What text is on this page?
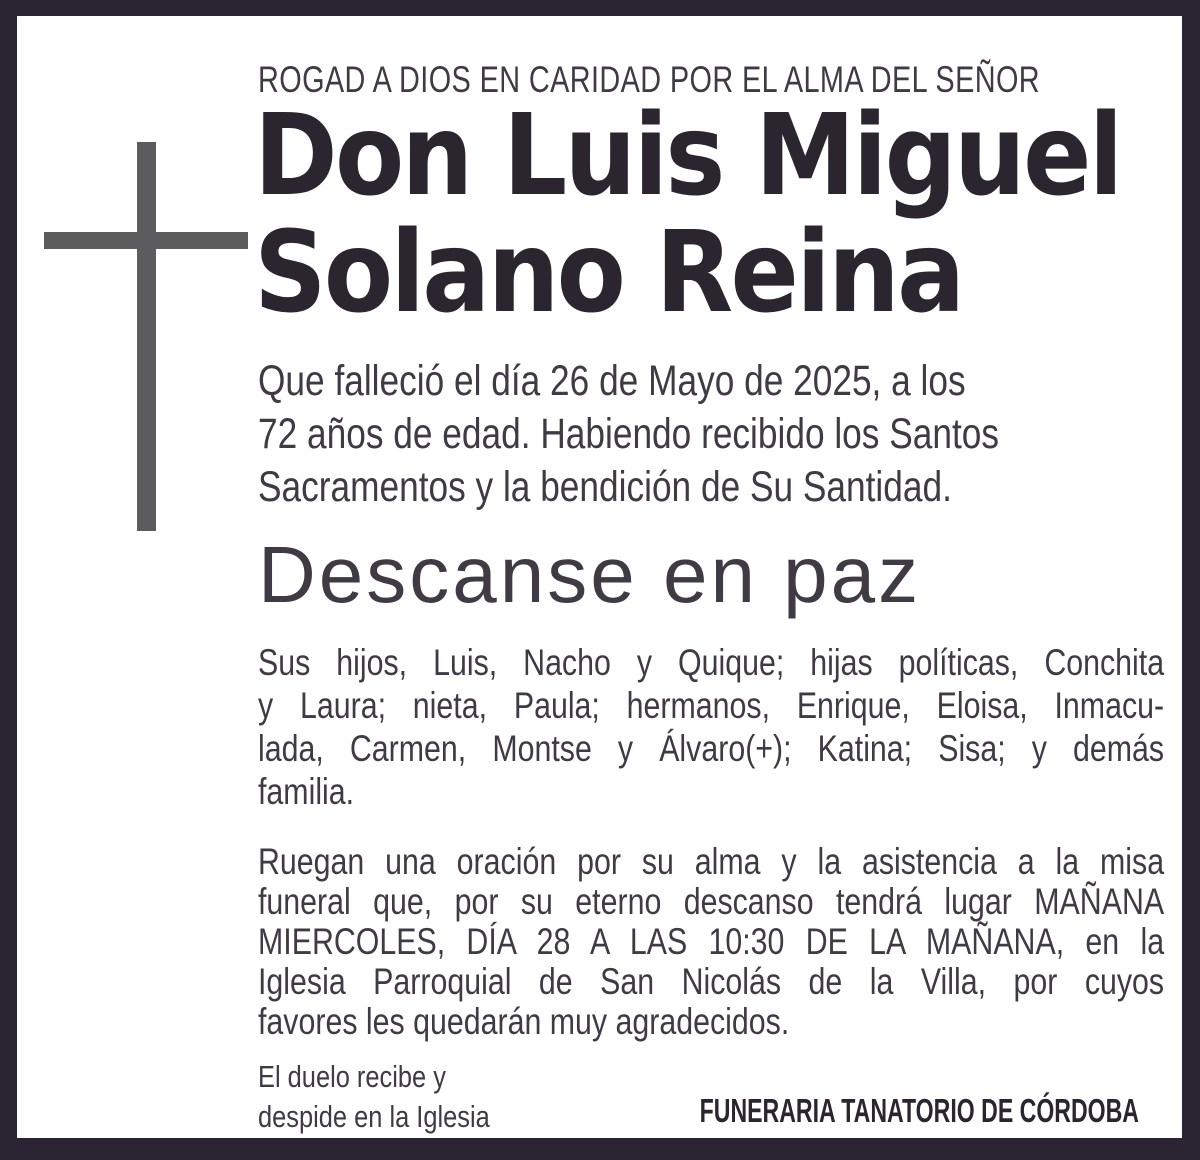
ROGAD A DIOS EN CARIDAD POR EL ALMA DEL SEÑOR
Don Luis Miguel
Solano Reina
Que falleció el día 26 de Mayo de 2025, a los
72 años de edad. Habiendo recibido los Santos
Sacramentos y la bendición de Su Santidad.
Descanse en paz
Sus hijos, Luis, Nacho y Quique; hijas políticas, Conchita
y Laura; nieta, Paula; hermanos, Enrique, Eloisa, Inmacu-
lada, Carmen, Montse y Álvaro(+); Katina; Sisa; y demás
familia.
Ruegan una oración por su alma y la asistencia a la misa
funeral que, por su eterno descanso tendrá lugar MAÑANA
MIERCOLES, DÍA 28 A LAS 10:30 DE LA MAÑANA, en la
Iglesia Parroquial de San Nicolás de la Villa, por cuyos
favores les quedarán muy agradecidos.
El duelo recibe y
despide en la Iglesia	FUNERARIA TANATORIO DE CÓRDOBA
